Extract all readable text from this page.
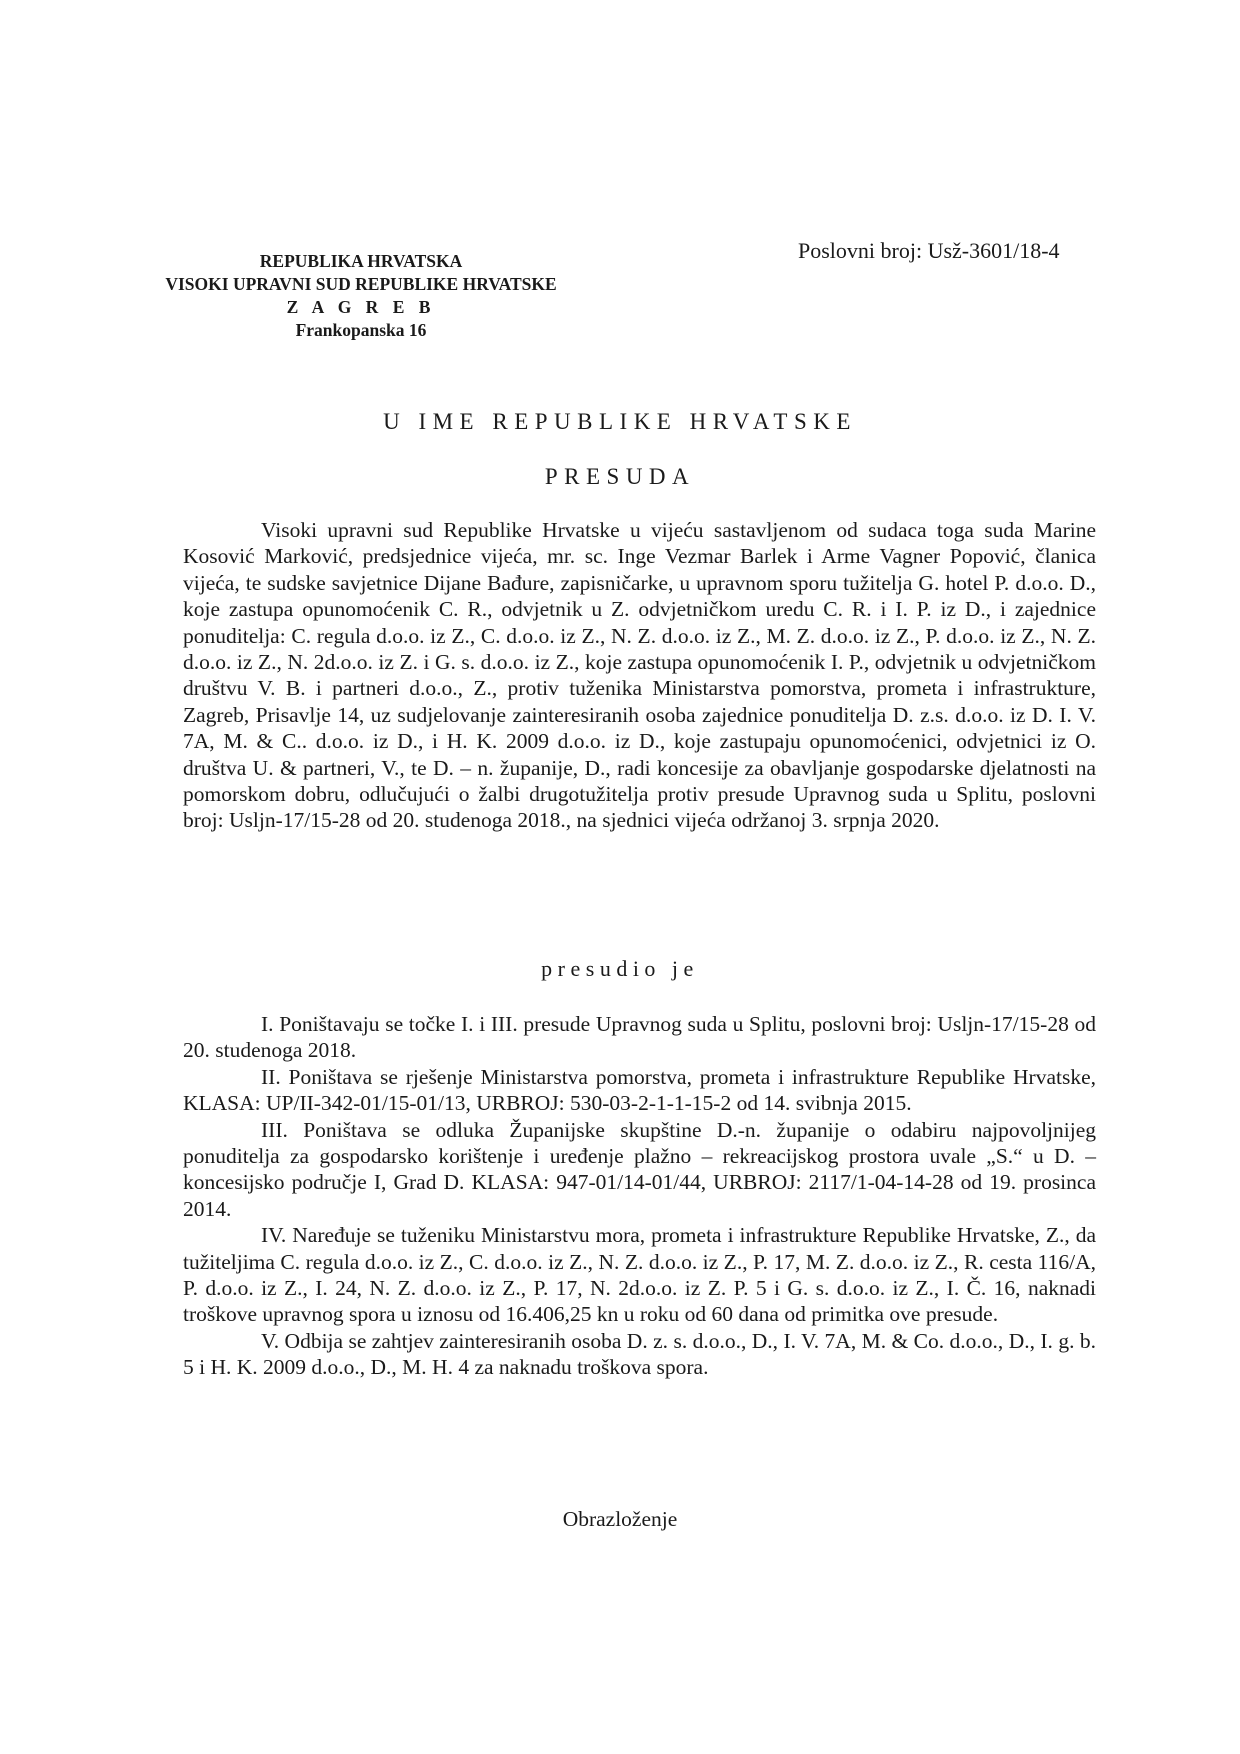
REPUBLIKA HRVATSKA
VISOKI UPRAVNI SUD REPUBLIKE HRVATSKE
Z A G R E B
Frankopanska 16
Poslovni broj: Usž-3601/18-4
U IME REPUBLIKE HRVATSKE
PRESUDA

Visoki upravni sud Republike Hrvatske u vijeću sastavljenom od sudaca toga suda Marine Kosović Marković, predsjednice vijeća, mr. sc. Inge Vezmar Barlek i Arme Vagner Popović, članica vijeća, te sudske savjetnice Dijane Bađure, zapisničarke, u upravnom sporu tužitelja G. hotel P. d.o.o. D., koje zastupa opunomoćenik C. R., odvjetnik u Z. odvjetničkom uredu C. R. i I. P. iz D., i zajednice ponuditelja: C. regula d.o.o. iz Z., C. d.o.o. iz Z., N. Z. d.o.o. iz Z., M. Z. d.o.o. iz Z., P. d.o.o. iz Z., N. Z. d.o.o. iz Z., N. 2d.o.o. iz Z. i G. s. d.o.o. iz Z., koje zastupa opunomoćenik I. P., odvjetnik u odvjetničkom društvu V. B. i partneri d.o.o., Z., protiv tuženika Ministarstva pomorstva, prometa i infrastrukture, Zagreb, Prisavlje 14, uz sudjelovanje zainteresiranih osoba zajednice ponuditelja D. z.s. d.o.o. iz D. I. V. 7A, M. & C.. d.o.o. iz D., i H. K. 2009 d.o.o. iz D., koje zastupaju opunomoćenici, odvjetnici iz O. društva U. & partneri, V., te D. – n. županije, D., radi koncesije za obavljanje gospodarske djelatnosti na pomorskom dobru, odlučujući o žalbi drugotužitelja protiv presude Upravnog suda u Splitu, poslovni broj: Usljn-17/15-28 od 20. studenoga 2018., na sjednici vijeća održanoj 3. srpnja 2020.

presudio je

I. Poništavaju se točke I. i III. presude Upravnog suda u Splitu, poslovni broj: Usljn-17/15-28 od 20. studenoga 2018.

II. Poništava se rješenje Ministarstva pomorstva, prometa i infrastrukture Republike Hrvatske, KLASA: UP/II-342-01/15-01/13, URBROJ: 530-03-2-1-1-15-2 od 14. svibnja 2015.

III. Poništava se odluka Županijske skupštine D.-n. županije o odabiru najpovoljnijeg ponuditelja za gospodarsko korištenje i uređenje plažno – rekreacijskog prostora uvale „S.“ u D. – koncesijsko područje I, Grad D. KLASA: 947-01/14-01/44, URBROJ: 2117/1-04-14-28 od 19. prosinca 2014.

IV. Naređuje se tuženiku Ministarstvu mora, prometa i infrastrukture Republike Hrvatske, Z., da tužiteljima C. regula d.o.o. iz Z., C. d.o.o. iz Z., N. Z. d.o.o. iz Z., P. 17, M. Z. d.o.o. iz Z., R. cesta 116/A, P. d.o.o. iz Z., I. 24, N. Z. d.o.o. iz Z., P. 17, N. 2d.o.o. iz Z. P. 5 i G. s. d.o.o. iz Z., I. Č. 16, naknadi troškove upravnog spora u iznosu od 16.406,25 kn u roku od 60 dana od primitka ove presude.

V. Odbija se zahtjev zainteresiranih osoba D. z. s. d.o.o., D., I. V. 7A, M. & Co. d.o.o., D., I. g. b. 5 i H. K. 2009 d.o.o., D., M. H. 4 za naknadu troškova spora.

Obrazloženje
